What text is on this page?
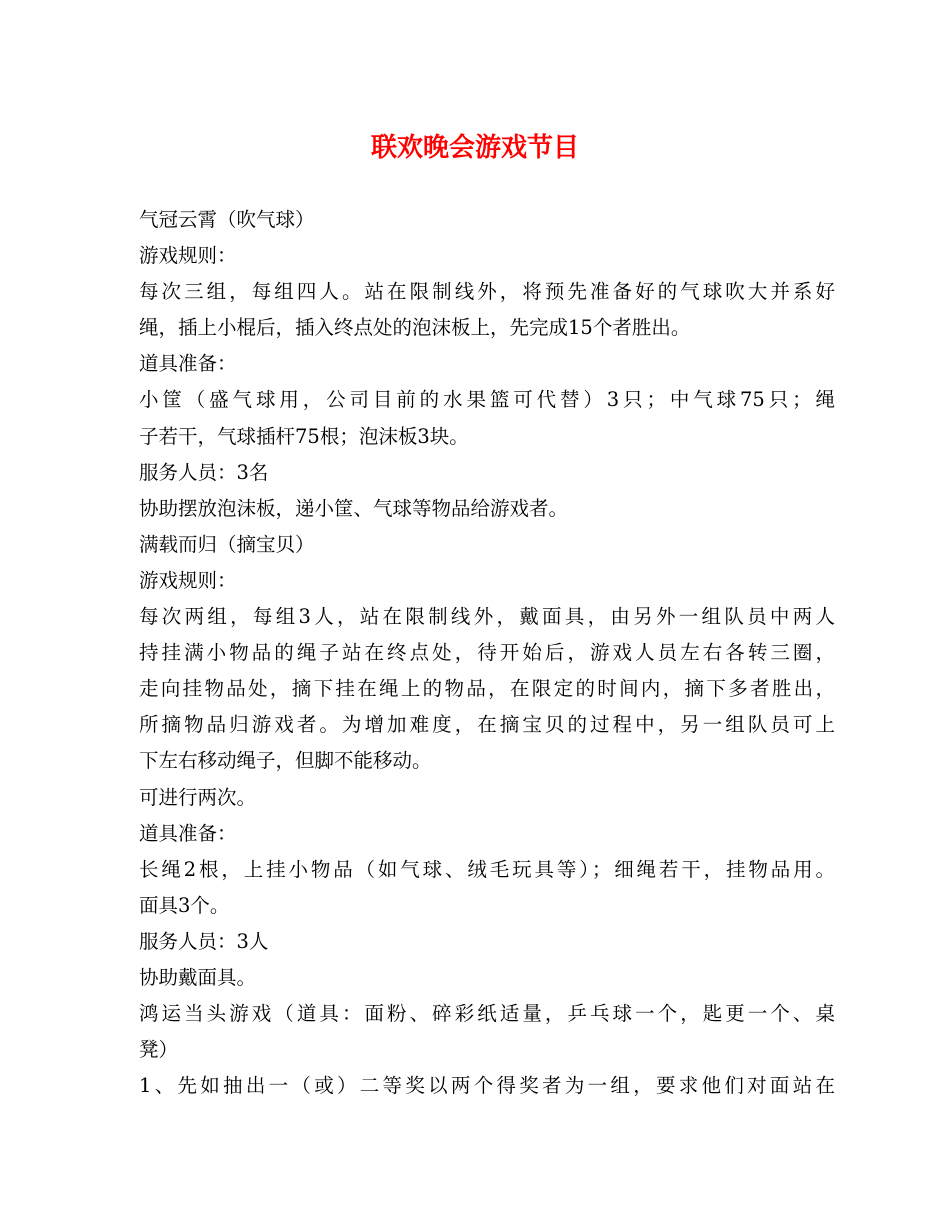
联欢晚会游戏节目
气冠云霄（吹气球）
游戏规则：
每次三组，每组四人。站在限制线外，将预先准备好的气球吹大并系好
绳，插上小棍后，插入终点处的泡沫板上，先完成15个者胜出。
道具准备：
小筐（盛气球用，公司目前的水果篮可代替）3只；中气球75只；绳
子若干，气球插杆75根；泡沫板3块。
服务人员：3名
协助摆放泡沫板，递小筐、气球等物品给游戏者。
满载而归（摘宝贝）
游戏规则：
每次两组，每组3人，站在限制线外，戴面具，由另外一组队员中两人
持挂满小物品的绳子站在终点处，待开始后，游戏人员左右各转三圈，
走向挂物品处，摘下挂在绳上的物品，在限定的时间内，摘下多者胜出，
所摘物品归游戏者。为增加难度，在摘宝贝的过程中，另一组队员可上
下左右移动绳子，但脚不能移动。
可进行两次。
道具准备：
长绳2根，上挂小物品（如气球、绒毛玩具等）；细绳若干，挂物品用。
面具3个。
服务人员：3人
协助戴面具。
鸿运当头游戏（道具：面粉、碎彩纸适量，乒乓球一个，匙更一个、桌
凳）
1、先如抽出一（或）二等奖以两个得奖者为一组，要求他们对面站在
